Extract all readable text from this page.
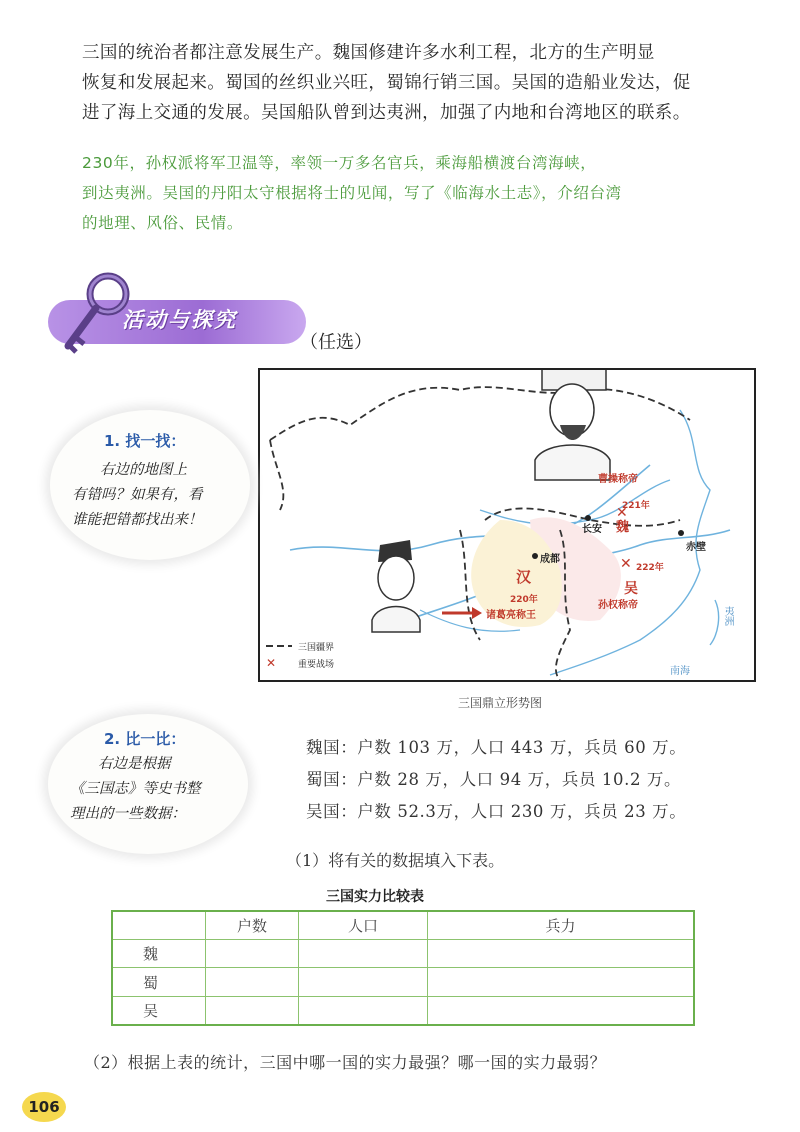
三国的统治者都注意发展生产。魏国修建许多水利工程，北方的生产明显
恢复和发展起来。蜀国的丝织业兴旺，蜀锦行销三国。吴国的造船业发达，促
进了海上交通的发展。吴国船队曾到达夷洲，加强了内地和台湾地区的联系。
230年，孙权派将军卫温等，率领一万多名官兵，乘海船横渡台湾海峡，
到达夷洲。吴国的丹阳太守根据将士的见闻，写了《临海水土志》，介绍台湾
的地理、风俗、民情。
活动与探究
（任选）
✕
✕
✕
曹操称帝
221年
魏
长安
赤壁
成都
汉
220年
222年
吴
孙权称帝
诸葛亮称王	夷洲
南海
三国疆界
重要战场
三国鼎立形势图
1. 找一找：
右边的地图上
有错吗？如果有，看
谁能把错都找出来！
2. 比一比：
右边是根据
《三国志》等史书整
理出的一些数据：
魏国：户数 103 万，人口 443 万，兵员 60 万。
蜀国：户数 28 万，人口 94 万，兵员 10.2 万。
吴国：户数 52.3万，人口 230 万，兵员 23 万。
（1）将有关的数据填入下表。
三国实力比较表
	户数	人口	兵力
魏			
蜀			
吴			
（2）根据上表的统计，三国中哪一国的实力最强？哪一国的实力最弱？
106
